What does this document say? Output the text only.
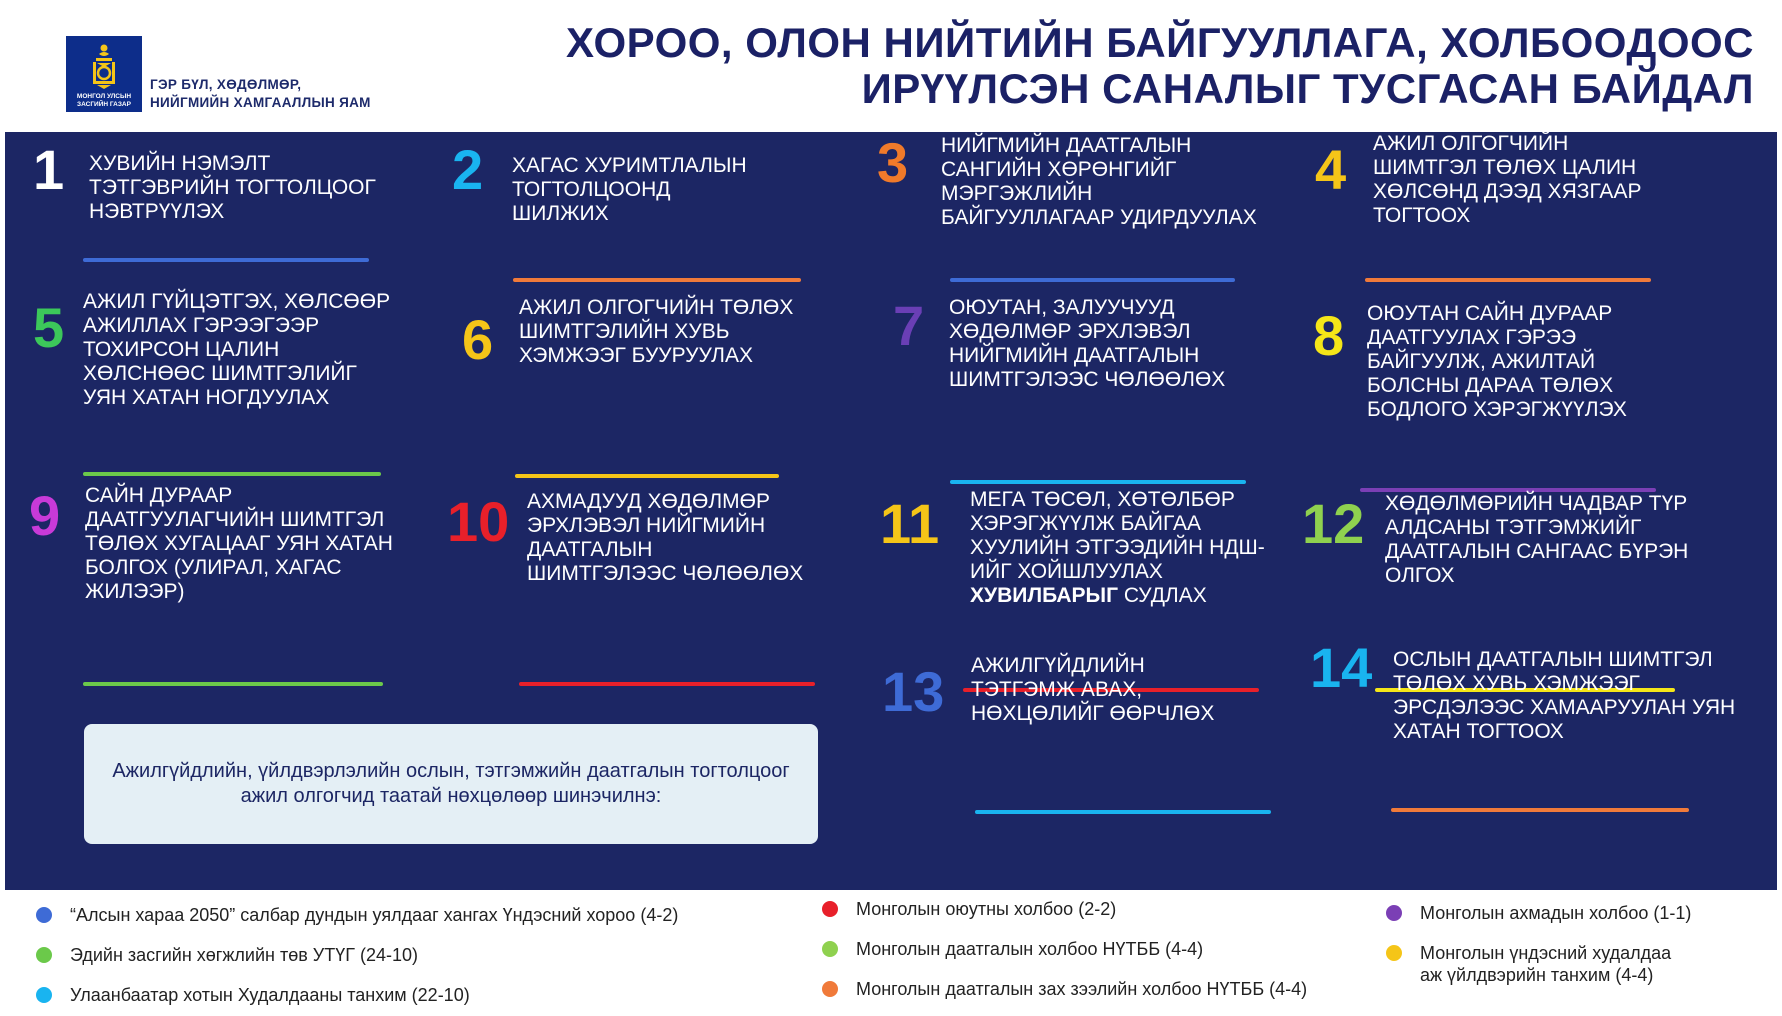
МОНГОЛ УЛСЫН
ЗАСГИЙН ГАЗАР
ГЭР БҮЛ, ХӨДӨЛМӨР,
НИЙГМИЙН ХАМГААЛЛЫН ЯАМ
ХОРОО, ОЛОН НИЙТИЙН БАЙГУУЛЛАГА, ХОЛБООДООС
ИРҮҮЛСЭН САНАЛЫГ ТУСГАСАН БАЙДАЛ
1 ХУВИЙН НЭМЭЛТ
ТЭТГЭВРИЙН ТОГТОЛЦООГ
НЭВТРҮҮЛЭХ
2 ХАГАС ХУРИМТЛАЛЫН
ТОГТОЛЦООНД
ШИЛЖИХ
3 НИЙГМИЙН ДААТГАЛЫН
САНГИЙН ХӨРӨНГИЙГ
МЭРГЭЖЛИЙН
БАЙГУУЛЛАГААР УДИРДУУЛАХ
4 АЖИЛ ОЛГОГЧИЙН
ШИМТГЭЛ ТӨЛӨХ ЦАЛИН
ХӨЛСӨНД ДЭЭД ХЯЗГААР
ТОГТООХ
5 АЖИЛ ГҮЙЦЭТГЭХ, ХӨЛСӨӨР
АЖИЛЛАХ ГЭРЭЭГЭЭР
ТОХИРСОН ЦАЛИН
ХӨЛСНӨӨС ШИМТГЭЛИЙГ
УЯН ХАТАН НОГДУУЛАХ
6
АЖИЛ ОЛГОГЧИЙН ТӨЛӨХ
ШИМТГЭЛИЙН ХУВЬ
ХЭМЖЭЭГ БУУРУУЛАХ	7 ОЮУТАН, ЗАЛУУЧУУД
ХӨДӨЛМӨР ЭРХЛЭВЭЛ
НИЙГМИЙН ДААТГАЛЫН
ШИМТГЭЛЭЭС ЧӨЛӨӨЛӨХ
8 ОЮУТАН САЙН ДУРААР
ДААТГУУЛАХ ГЭРЭЭ
БАЙГУУЛЖ, АЖИЛТАЙ
БОЛСНЫ ДАРАА ТӨЛӨХ
БОДЛОГО ХЭРЭГЖҮҮЛЭХ
9 САЙН ДУРААР
ДААТГУУЛАГЧИЙН ШИМТГЭЛ
ТӨЛӨХ ХУГАЦААГ УЯН ХАТАН
БОЛГОХ (УЛИРАЛ, ХАГАС
ЖИЛЭЭР)
10 АХМАДУУД ХӨДӨЛМӨР
ЭРХЛЭВЭЛ НИЙГМИЙН
ДААТГАЛЫН
ШИМТГЭЛЭЭС ЧӨЛӨӨЛӨХ
11 МЕГА ТӨСӨЛ, ХӨТӨЛБӨР
ХЭРЭГЖҮҮЛЖ БАЙГАА
ХУУЛИЙН ЭТГЭЭДИЙН НДШ-
ИЙГ ХОЙШЛУУЛАХ
ХУВИЛБАРЫГ СУДЛАХ
12 ХӨДӨЛМӨРИЙН ЧАДВАР ТҮР
АЛДСАНЫ ТЭТГЭМЖИЙГ
ДААТГАЛЫН САНГААС БҮРЭН
ОЛГОХ
13 АЖИЛГҮЙДЛИЙН
ТЭТГЭМЖ АВАХ,
НӨХЦӨЛИЙГ ӨӨРЧЛӨХ
14 ОСЛЫН ДААТГАЛЫН ШИМТГЭЛ
ТӨЛӨХ ХУВЬ ХЭМЖЭЭГ
ЭРСДЭЛЭЭС ХАМААРУУЛАН УЯН
ХАТАН ТОГТООХ
Ажилгүйдлийн, үйлдвэрлэлийн ослын, тэтгэмжийн даатгалын тогтолцоог ажил олгогчид таатай нөхцөлөөр шинэчилнэ:
“Алсын хараа 2050” салбар дундын уялдааг хангах Үндэсний хороо (4-2)
Эдийн засгийн хөгжлийн төв УТҮГ (24-10)
Улаанбаатар хотын Худалдааны танхим (22-10)
Монголын оюутны холбоо (2-2)
Монголын даатгалын холбоо НҮТББ (4-4)
Монголын даатгалын зах зээлийн холбоо НҮТББ (4-4)
Монголын ахмадын холбоо (1-1)
Монголын үндэсний худалдаа
аж үйлдвэрийн танхим (4-4)
